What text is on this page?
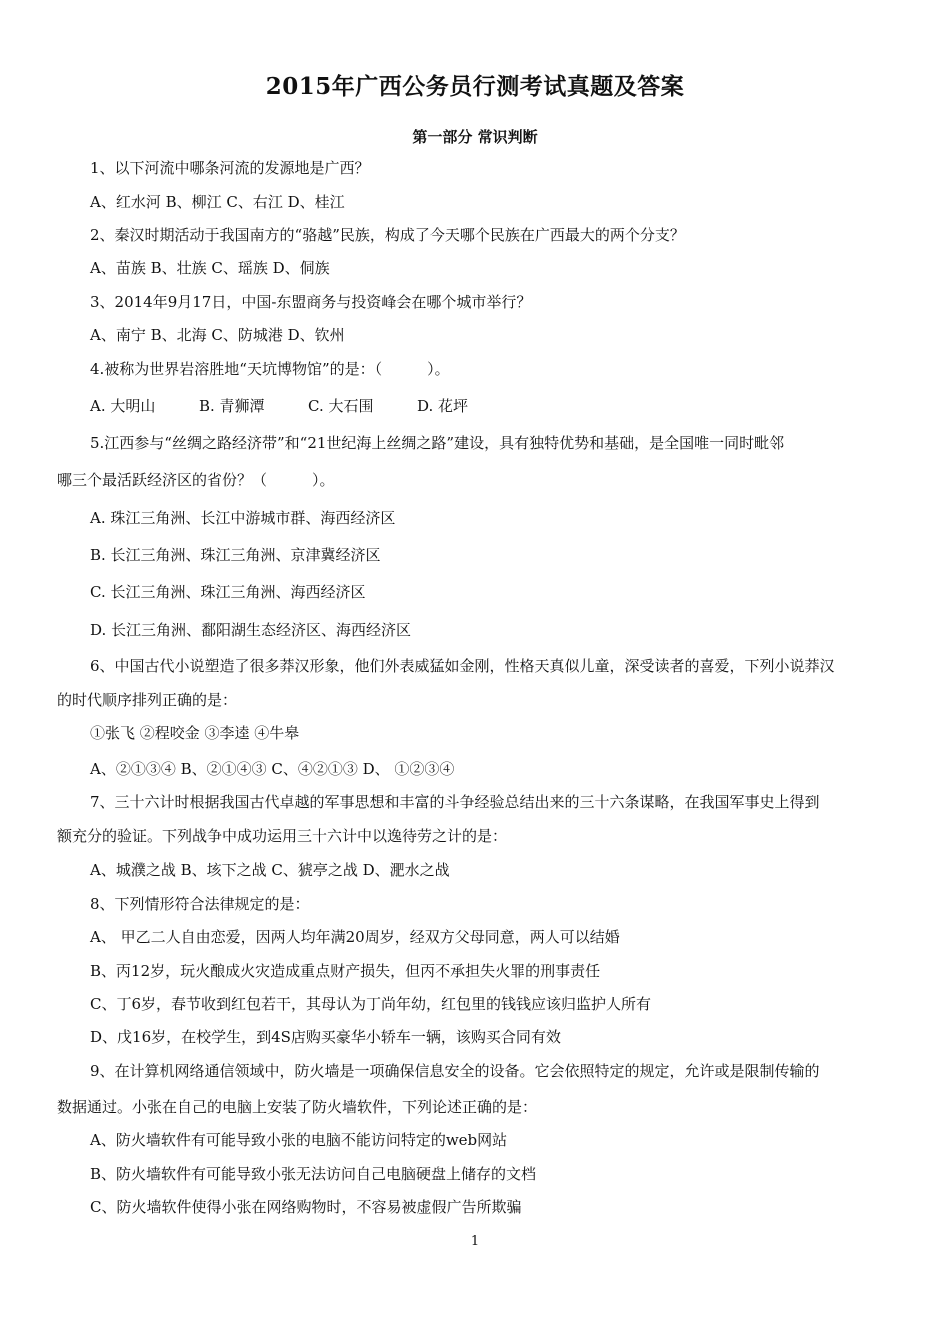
2015年广西公务员行测考试真题及答案
第一部分 常识判断
1、以下河流中哪条河流的发源地是广西？
A、红水河 B、柳江 C、右江 D、桂江
2、秦汉时期活动于我国南方的“骆越”民族，构成了今天哪个民族在广西最大的两个分支？
A、苗族 B、壮族 C、瑶族 D、侗族
3、2014年9月17日，中国-东盟商务与投资峰会在哪个城市举行？
A、南宁 B、北海 C、防城港 D、钦州
4.被称为世界岩溶胜地“天坑博物馆”的是：（　　　）。
A. 大明山	B. 青狮潭	C. 大石围	D. 花坪
5.江西参与“丝绸之路经济带”和“21世纪海上丝绸之路”建设，具有独特优势和基础，是全国唯一同时毗邻
哪三个最活跃经济区的省份？（　　　）。
A. 珠江三角洲、长江中游城市群、海西经济区
B. 长江三角洲、珠江三角洲、京津冀经济区
C. 长江三角洲、珠江三角洲、海西经济区
D. 长江三角洲、鄱阳湖生态经济区、海西经济区
6、中国古代小说塑造了很多莽汉形象，他们外表威猛如金刚，性格天真似儿童，深受读者的喜爱，下列小说莽汉
的时代顺序排列正确的是：
①张飞 ②程咬金 ③李逵 ④牛皋
A、②①③④ B、②①④③ C、④②①③ D、 ①②③④
7、三十六计时根据我国古代卓越的军事思想和丰富的斗争经验总结出来的三十六条谋略，在我国军事史上得到
额充分的验证。下列战争中成功运用三十六计中以逸待劳之计的是：
A、城濮之战 B、垓下之战 C、猇亭之战 D、淝水之战
8、下列情形符合法律规定的是：
A、 甲乙二人自由恋爱，因两人均年满20周岁，经双方父母同意，两人可以结婚
B、丙12岁，玩火酿成火灾造成重点财产损失，但丙不承担失火罪的刑事责任
C、丁6岁，春节收到红包若干，其母认为丁尚年幼，红包里的钱钱应该归监护人所有
D、戊16岁，在校学生，到4S店购买豪华小轿车一辆，该购买合同有效
9、在计算机网络通信领域中，防火墙是一项确保信息安全的设备。它会依照特定的规定，允许或是限制传输的
数据通过。小张在自己的电脑上安装了防火墙软件，下列论述正确的是：
A、防火墙软件有可能导致小张的电脑不能访问特定的web网站
B、防火墙软件有可能导致小张无法访问自己电脑硬盘上储存的文档
C、防火墙软件使得小张在网络购物时，不容易被虚假广告所欺骗
1
